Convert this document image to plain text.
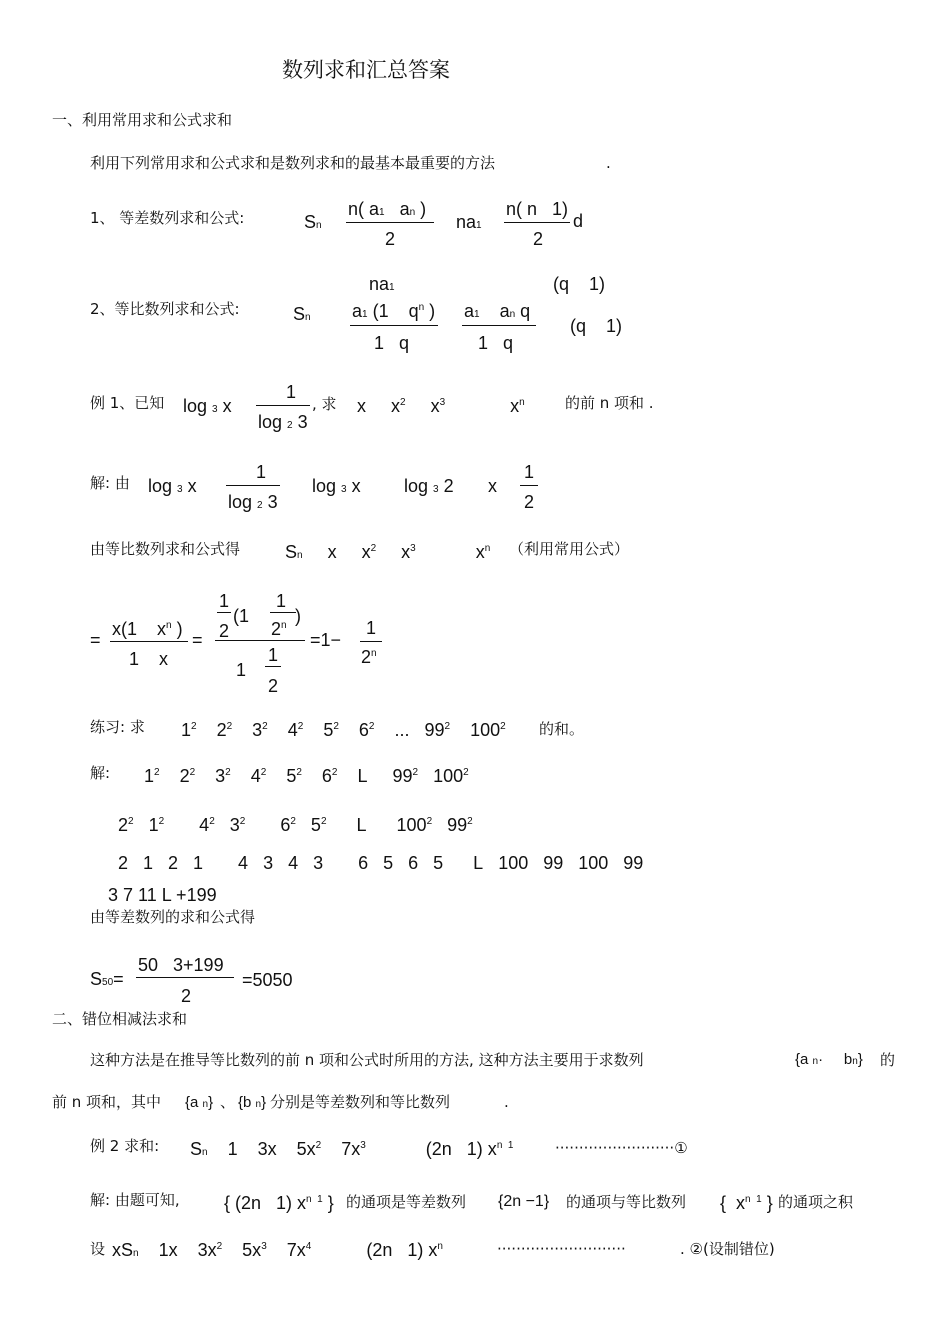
数列求和汇总答案
一、利用常用求和公式求和
利用下列常用求和公式求和是数列求和的最基本最重要的方法	.
1、 等差数列求和公式:	Sn
n( a1   an )
2
na1
n( n   1)
2
d
2、等比数列求和公式:	Sn
na1	(q    1)
a1 (1    $q^n$ )
1   q
a1    an q
1   q
(q    1)
例 1、已知 log 3 x
1
log 2 3
, 求 x     $x^2$     $x^3$             $x^n$	的前 n 项和 .
解: 由 log 3 x
1
log 2 3
log 3 x log 3 2 x
1
2
由等比数列求和公式得 Sn     x     $x^2$     $x^3$            $x^n$ （利用常用公式）
=
x(1    $x^n$ )
1    x
=
1
2
(1
1
2$^n$ )
1
1
2
=1−
1
2$^n$
练习: 求 $1^2$    $2^2$    $3^2$    $4^2$    $5^2$    $6^2$    ...   $99^2$    $100^2$ 的和。
解: $1^2$    $2^2$    $3^2$    $4^2$    $5^2$    $6^2$    L     $99^2$   $100^2$
$2^2$   $1^2$       $4^2$   $3^2$       $6^2$   $5^2$      L      $100^2$   $99^2$
2   1   2   1       4   3   4   3       6   5   6   5      L   100   99   100   99
3 7 11 L +199
由等差数列的求和公式得
S50=
50   3+199
2
=5050
二、错位相减法求和
这种方法是在推导等比数列的前 n 项和公式时所用的方法, 这种方法主要用于求数列	{a n·     bn} 的
前 n 项和，其中 {a n} 、 {b n} 分别是等差数列和等比数列	.
例 2 求和: Sn    1    3x    $5x^2$    $7x^3$            (2n   1) $x^{n 1}$	·························①
解: 由题可知, { (2n   1) $x^{n 1}$ } 的通项是等差数列 {2n −1} 的通项与等比数列 {  $x^{n 1}$ } 的通项之积
设 xSn    1x    $3x^2$    $5x^3$    $7x^4$           (2n   1) $x^n$	···························	. ②(设制错位)
